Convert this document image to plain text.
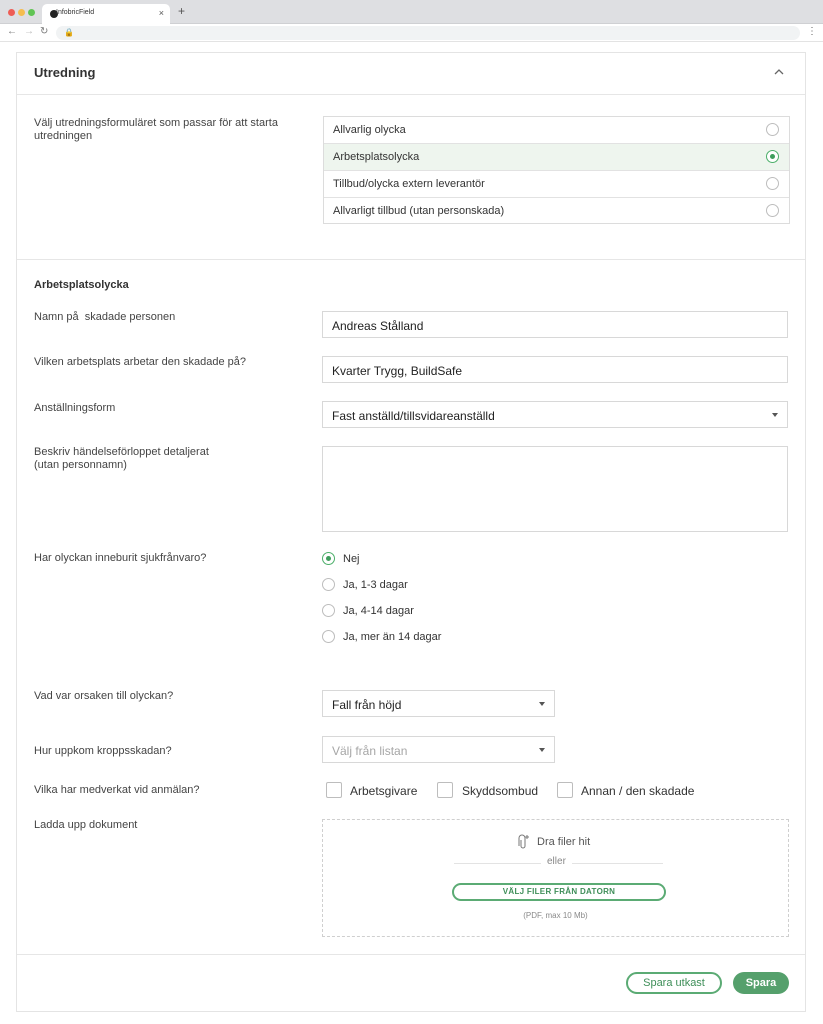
InfobricField	× +
← → ↻ 🔒	⋮
Utredning
Välj utredningsformuläret som passar för att starta utredningen	Allvarlig olycka
Arbetsplatsolycka
Tillbud/olycka extern leverantör
Allvarligt tillbud (utan personskada)
Arbetsplatsolycka
Namn på  skadade personen
Andreas Stålland
Vilken arbetsplats arbetar den skadade på?
Kvarter Trygg, BuildSafe
Anställningsform
Fast anställd/tillsvidareanställd
Beskriv händelseförloppet detaljerat (utan personnamn)
Har olyckan inneburit sjukfrånvaro?	Nej
Ja, 1-3 dagar
Ja, 4-14 dagar
Ja, mer än 14 dagar
Vad var orsaken till olyckan?
Fall från höjd
Hur uppkom kroppsskadan?	Välj från listan
Vilka har medverkat vid anmälan?	Arbetsgivare	Skyddsombud	Annan / den skadade
Ladda upp dokument
Dra filer hit
eller
VÄLJ FILER FRÅN DATORN
(PDF, max 10 Mb)
Spara utkast	Spara
